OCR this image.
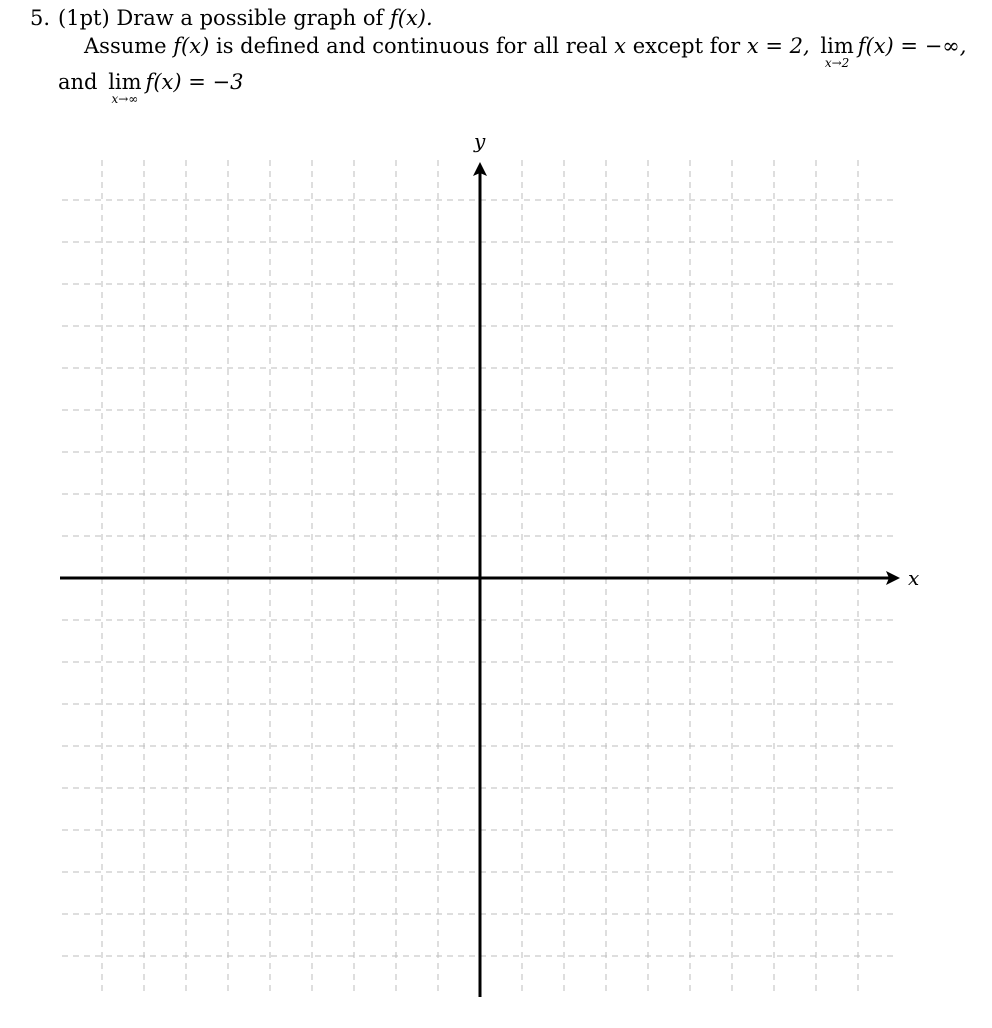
5. (1pt) Draw a possible graph of f(x).
Assume f(x) is defined and continuous for all real x except for x = 2, lim
x→2
f(x) = −∞,
and lim
x→∞
f(x) = −3
x
y
